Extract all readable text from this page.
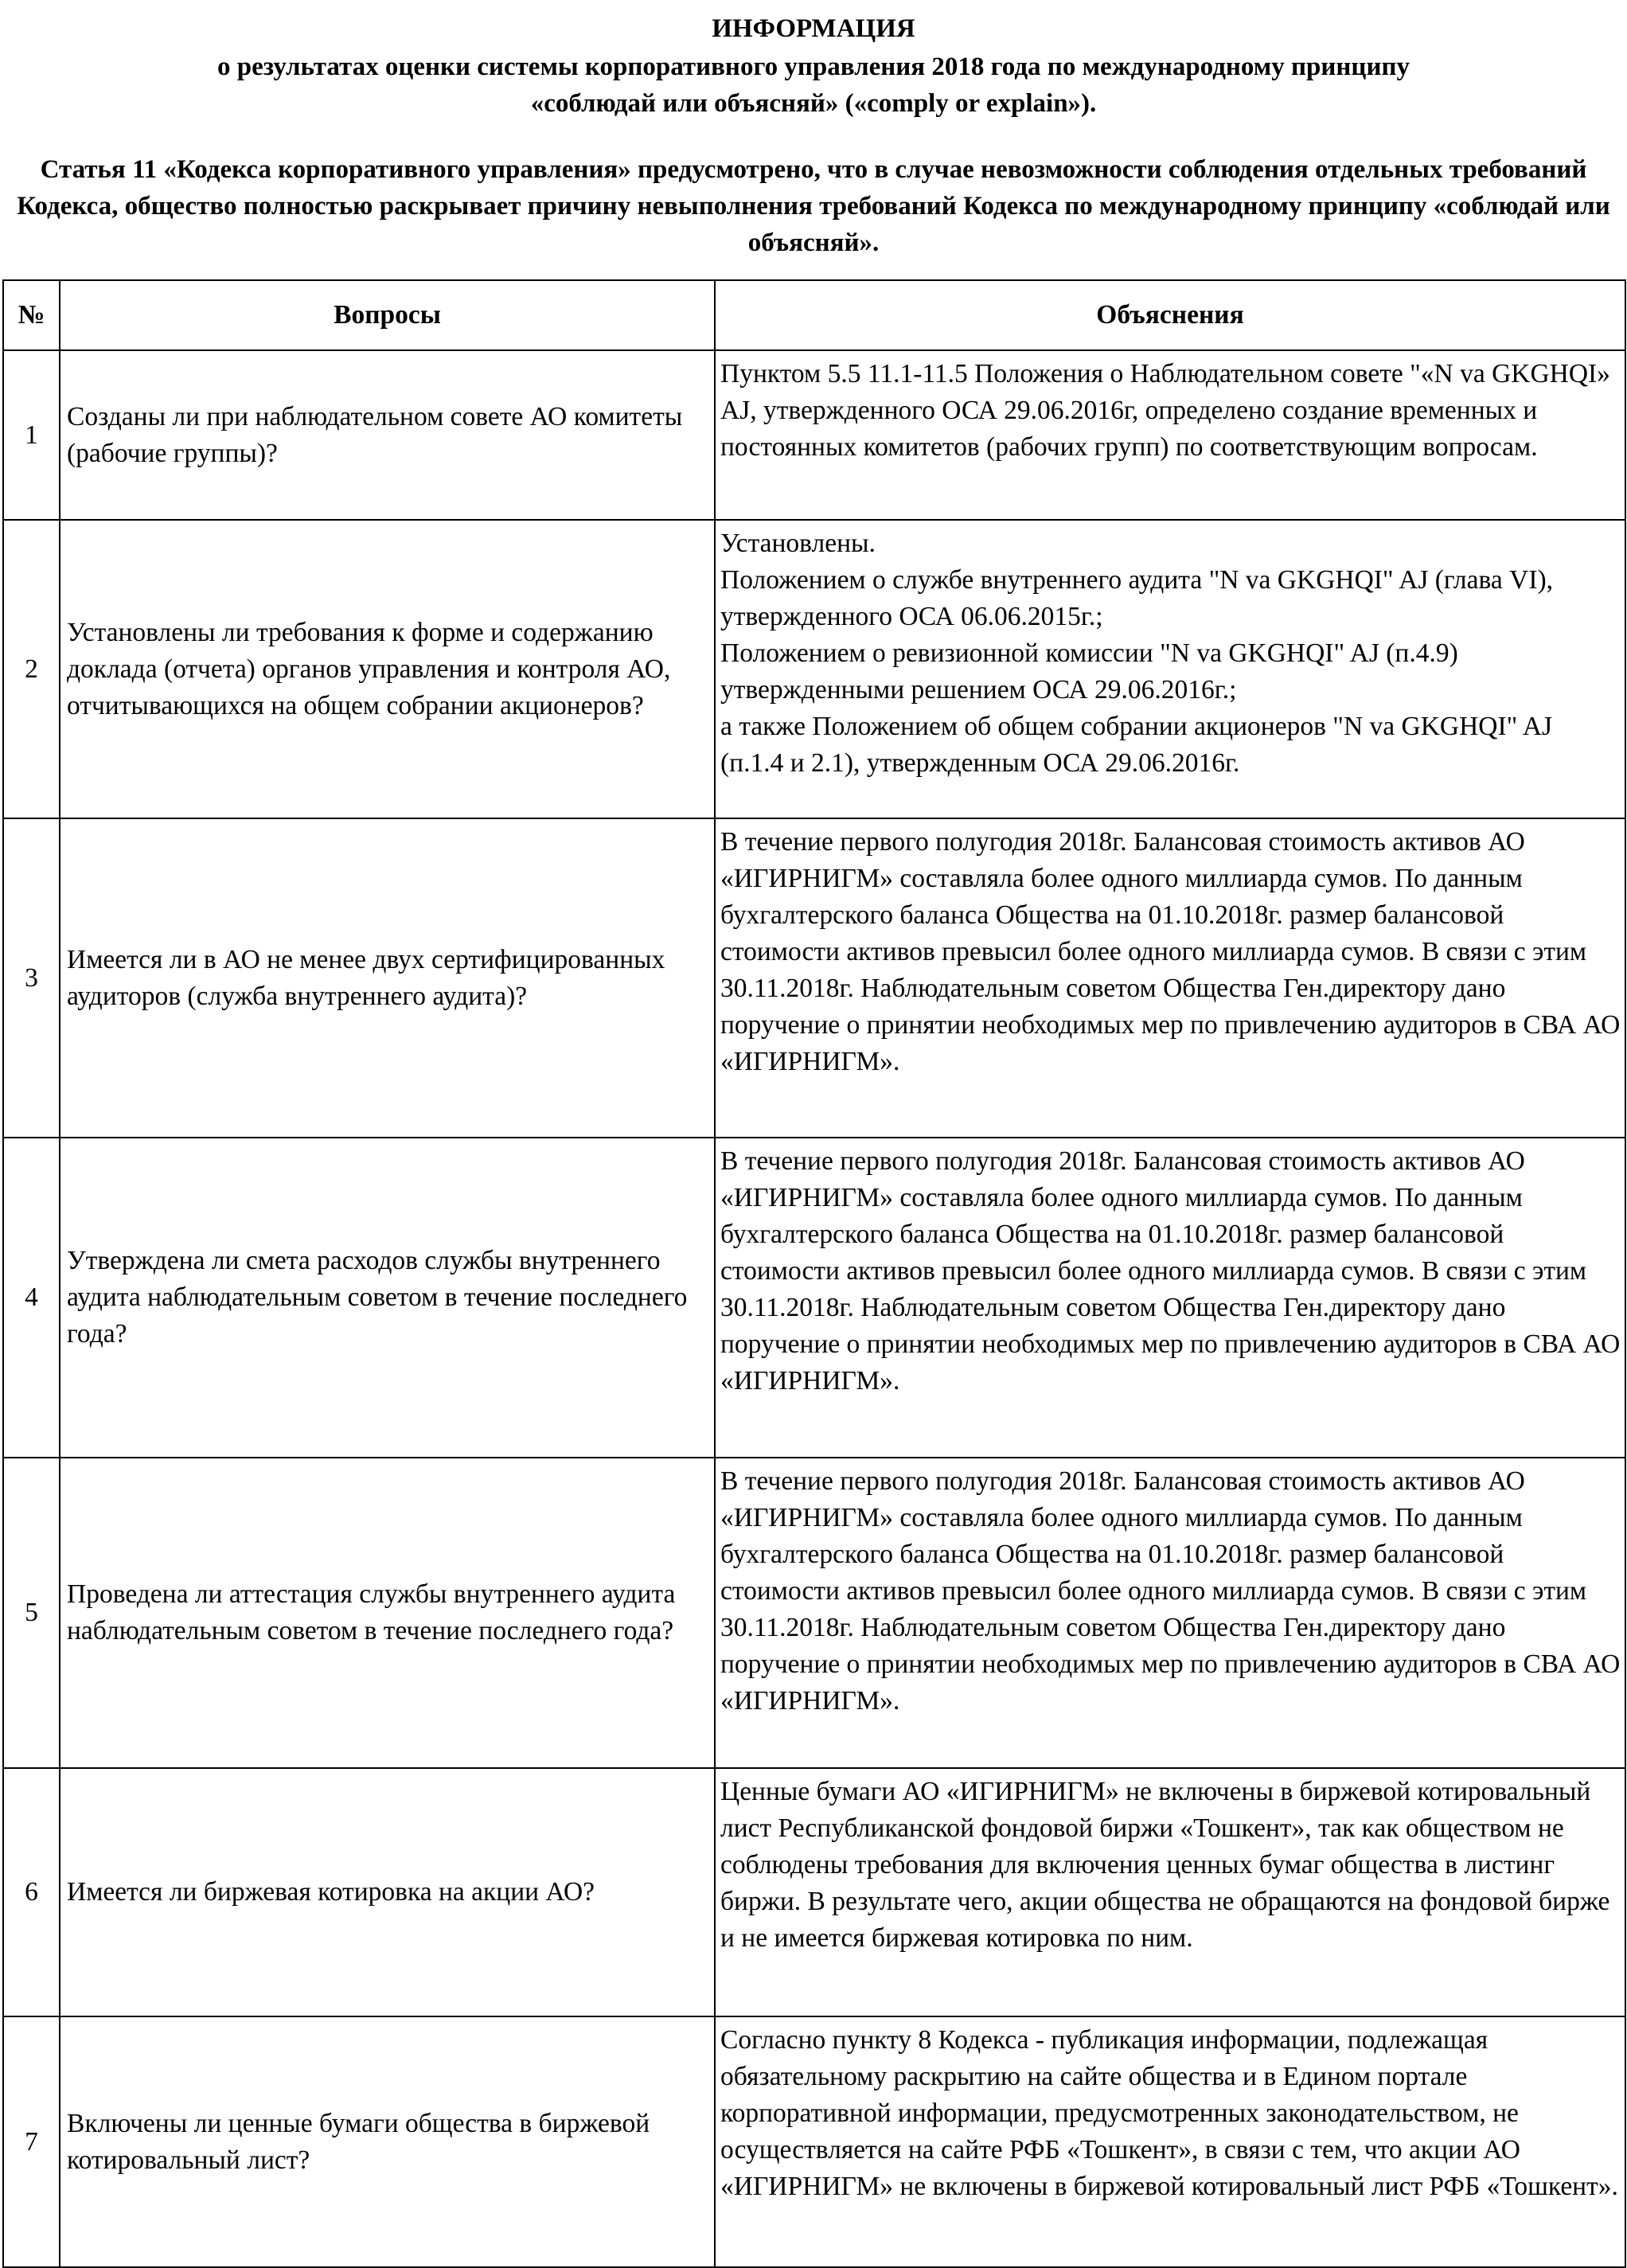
ИНФОРМАЦИЯ
о результатах оценки системы корпоративного управления 2018 года по международному принципу
«соблюдай или объясняй» («comply or explain»).
Статья 11 «Кодекса корпоративного управления» предусмотрено, что в случае невозможности соблюдения отдельных требований Кодекса, общество полностью раскрывает причину невыполнения требований Кодекса по международному принципу «соблюдай или объясняй».
№	Вопросы	Объяснения
1	Созданы ли при наблюдательном совете АО комитеты (рабочие группы)?	Пунктом 5.5 11.1-11.5 Положения о Наблюдательном совете "«N va GKGHQI» AJ, утвержденного ОСА 29.06.2016г, определено создание временных и постоянных комитетов (рабочих групп) по соответствующим вопросам.
2	Установлены ли требования к форме и содержанию доклада (отчета) органов управления и контроля АО, отчитывающихся на общем собрании акционеров?	Установлены.
Положением о службе внутреннего аудита "N va GKGHQI" AJ (глава VI), утвержденного ОСА 06.06.2015г.;
Положением о ревизионной комиссии "N va GKGHQI" AJ (п.4.9) утвержденными решением ОСА 29.06.2016г.;
а также Положением об общем собрании акционеров "N va GKGHQI" AJ (п.1.4 и 2.1), утвержденным ОСА 29.06.2016г.
3	Имеется ли в АО не менее двух сертифицированных аудиторов (служба внутреннего аудита)?	В течение первого полугодия 2018г. Балансовая стоимость активов АО «ИГИРНИГМ» составляла более одного миллиарда сумов. По данным бухгалтерского баланса Общества на 01.10.2018г. размер балансовой стоимости активов превысил более одного миллиарда сумов. В связи с этим 30.11.2018г. Наблюдательным советом Общества Ген.директору дано поручение о принятии необходимых мер по привлечению аудиторов в СВА АО «ИГИРНИГМ».
4	Утверждена ли смета расходов службы внутреннего аудита наблюдательным советом в течение последнего года?	В течение первого полугодия 2018г. Балансовая стоимость активов АО «ИГИРНИГМ» составляла более одного миллиарда сумов. По данным бухгалтерского баланса Общества на 01.10.2018г. размер балансовой стоимости активов превысил более одного миллиарда сумов. В связи с этим 30.11.2018г. Наблюдательным советом Общества Ген.директору дано поручение о принятии необходимых мер по привлечению аудиторов в СВА АО «ИГИРНИГМ».
5	Проведена ли аттестация службы внутреннего аудита наблюдательным советом в течение последнего года?	В течение первого полугодия 2018г. Балансовая стоимость активов АО «ИГИРНИГМ» составляла более одного миллиарда сумов. По данным бухгалтерского баланса Общества на 01.10.2018г. размер балансовой стоимости активов превысил более одного миллиарда сумов. В связи с этим 30.11.2018г. Наблюдательным советом Общества Ген.директору дано поручение о принятии необходимых мер по привлечению аудиторов в СВА АО «ИГИРНИГМ».
6	Имеется ли биржевая котировка на акции АО?	Ценные бумаги АО «ИГИРНИГМ» не включены в биржевой котировальный лист Республиканской фондовой биржи «Тошкент», так как обществом не соблюдены требования для включения ценных бумаг общества в листинг биржи. В результате чего, акции общества не обращаются на фондовой бирже и не имеется биржевая котировка по ним.
7	Включены ли ценные бумаги общества в биржевой котировальный лист?	Согласно пункту 8 Кодекса - публикация информации, подлежащая обязательному раскрытию на сайте общества и в Едином портале корпоративной информации, предусмотренных законодательством, не осуществляется на сайте РФБ «Тошкент», в связи с тем, что акции АО «ИГИРНИГМ» не включены в биржевой котировальный лист РФБ «Тошкент».
